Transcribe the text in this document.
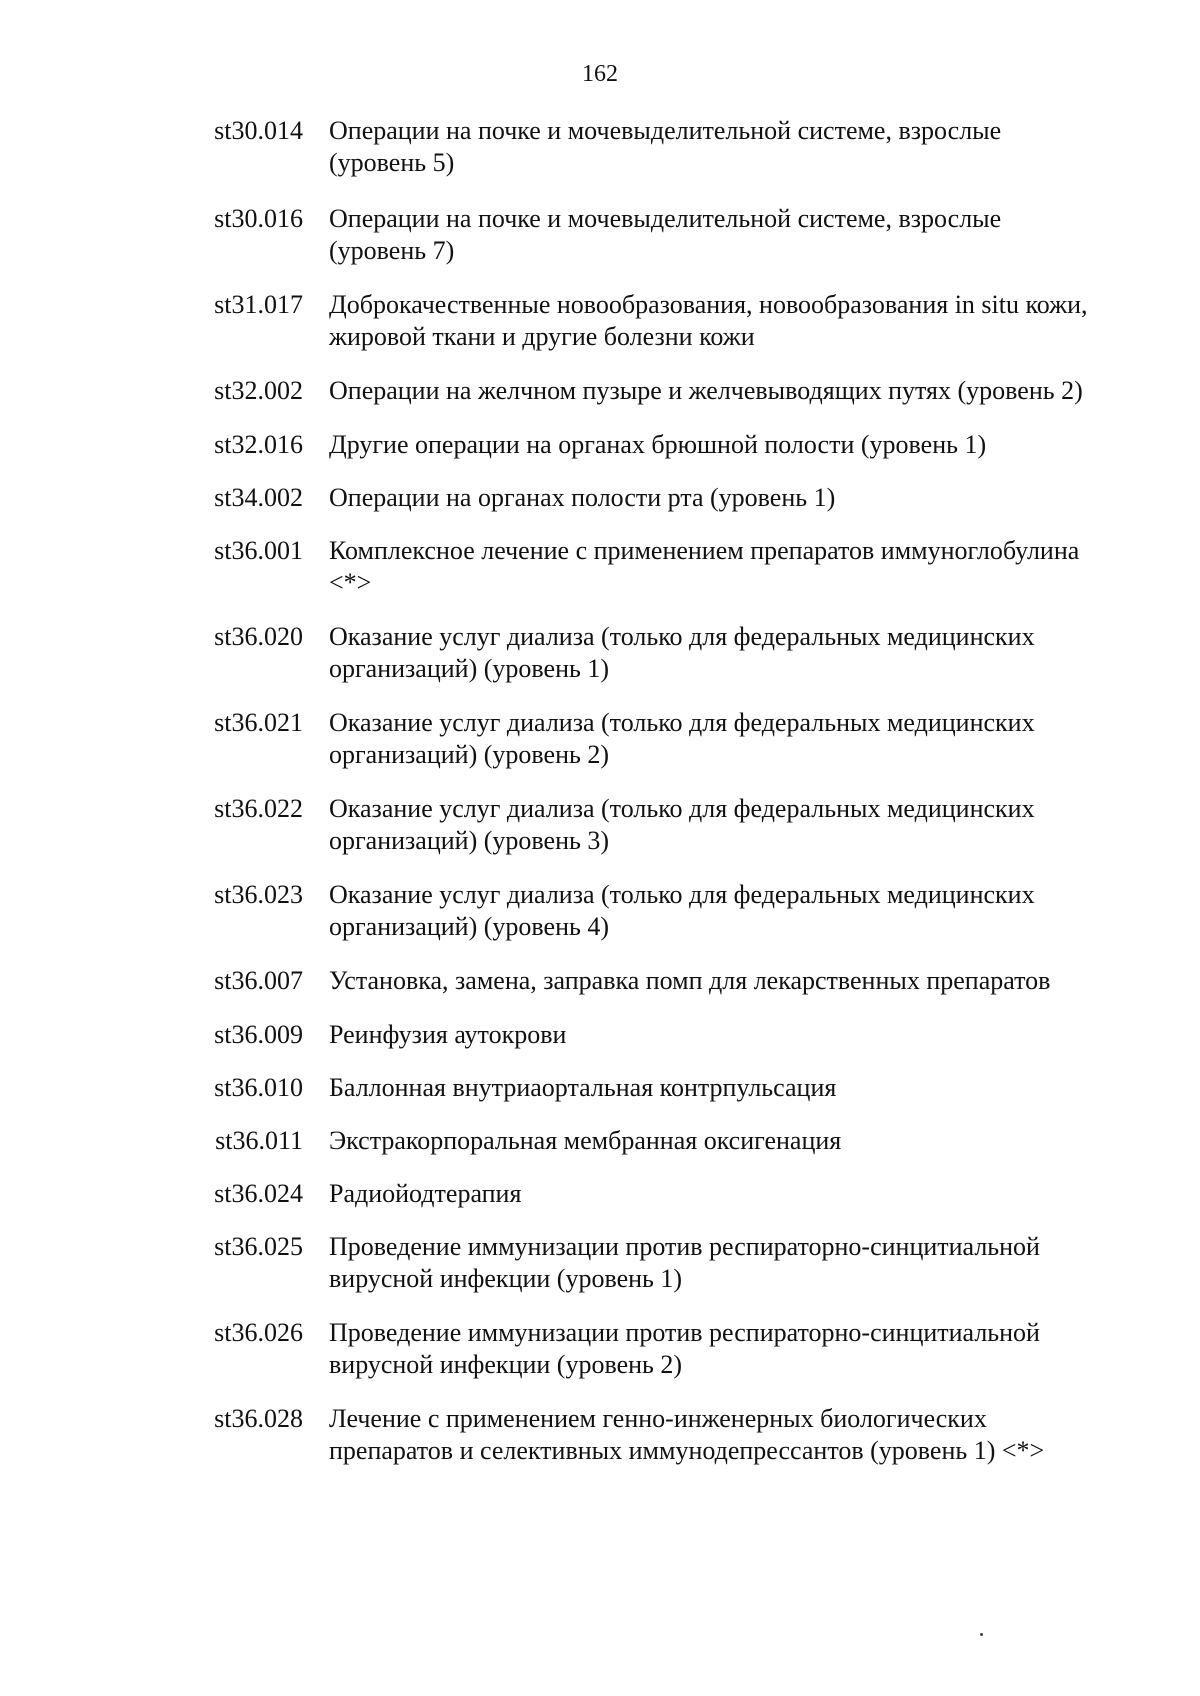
162
st30.014 Операции на почке и мочевыделительной системе, взрослые (уровень 5)
st30.016 Операции на почке и мочевыделительной системе, взрослые (уровень 7)
st31.017 Доброкачественные новообразования, новообразования in situ кожи, жировой ткани и другие болезни кожи
st32.002 Операции на желчном пузыре и желчевыводящих путях (уровень 2)
st32.016 Другие операции на органах брюшной полости (уровень 1)
st34.002 Операции на органах полости рта (уровень 1)
st36.001 Комплексное лечение с применением препаратов иммуноглобулина <*>
st36.020 Оказание услуг диализа (только для федеральных медицинских организаций) (уровень 1)
st36.021 Оказание услуг диализа (только для федеральных медицинских организаций) (уровень 2)
st36.022 Оказание услуг диализа (только для федеральных медицинских организаций) (уровень 3)
st36.023 Оказание услуг диализа (только для федеральных медицинских организаций) (уровень 4)
st36.007 Установка, замена, заправка помп для лекарственных препаратов
st36.009 Реинфузия аутокрови
st36.010 Баллонная внутриаортальная контрпульсация
st36.011 Экстракорпоральная мембранная оксигенация
st36.024 Радиойодтерапия
st36.025 Проведение иммунизации против респираторно-синцитиальной вирусной инфекции (уровень 1)
st36.026 Проведение иммунизации против респираторно-синцитиальной вирусной инфекции (уровень 2)
st36.028 Лечение с применением генно-инженерных биологических препаратов и селективных иммунодепрессантов (уровень 1) <*>
